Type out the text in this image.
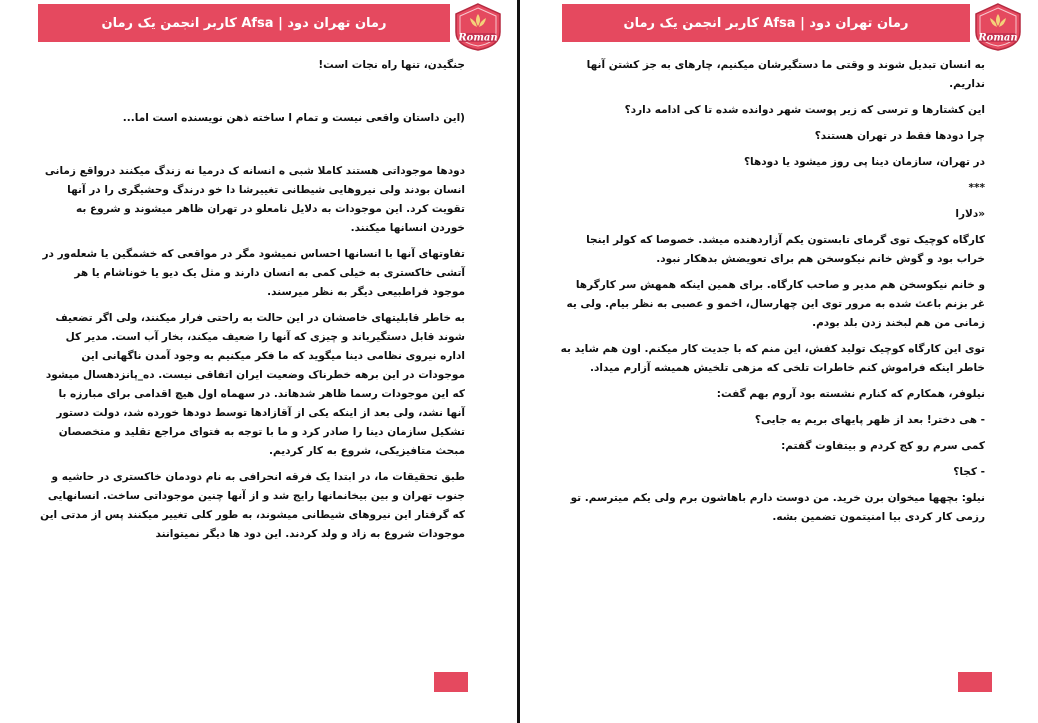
رمان تهران دود | Afsa کاربر انجمن یک رمان
Roman

جنگیدن، تنها راه نجات است!

(این داستان واقعی نیست و تمام ا ساخته ذهن نویسنده است اما...

دودها موجوداتی هستند کاملا شبی ه انسانه ک درمیا نه زندگ میکنند درواقع زمانی انسان بودند ولی نیروهایی شیطانی تغییرشا دا خو درندگ وحشیگری را در آنها تقویت کرد. این موجودات به دلایل نامعلو در تهران ظاهر میشوند و شروع به خوردن انسانها میکنند.

تفاوتهای آنها با انسانها احساس نمیشود مگر در مواقعی که خشمگین یا شعله‌ور در آتشی خاکستری به خیلی کمی به انسان دارند و مثل یک دیو یا خوناشام یا هر موجود فراطبیعی دیگر به نظر میرسند.

به خاطر قابلیتهای خاصشان در این حالت به راحتی فرار میکنند، ولی اگر تضعیف شوند قابل دستگیریاند و چیزی که آنها را ضعیف میکند، بخار آب است. مدیر کل اداره نیروی نظامی دینا میگوید که ما فکر میکنیم به وجود آمدن ناگهانی این موجودات در این برهه خطرناک وضعیت ایران اتفاقی نیست. ده_پانزدهسال میشود که این موجودات رسما ظاهر شدهاند. در سهماه اول هیچ اقدامی برای مبارزه با آنها نشد، ولی بعد از اینکه یکی از آقازادها توسط دودها خورده شد، دولت دستور تشکیل سازمان دینا را صادر کرد و ما با توجه به فتوای مراجع تقلید و متخصصان مبحث متافیزیکی، شروع به کار کردیم.

طبق تحقیقات ما، در ابتدا یک فرقه انحرافی به نام دودمان خاکستری در حاشیه و جنوب تهران و بین بیخانمانها رایج شد و از آنها چنین موجوداتی ساخت. انسانهایی که گرفتار این نیروهای شیطانی میشوند، به طور کلی تغییر میکنند پس از مدتی این موجودات شروع به زاد و ولد کردند. این دود ها دیگر نمیتوانند

رمان تهران دود | Afsa کاربر انجمن یک رمان
Roman

به انسان تبدیل شوند و وقتی ما دستگیرشان میکنیم، چارهای به جز کشتن آنها نداریم.

این کشتارها و ترسی که زیر پوست شهر دوانده شده تا کی ادامه دارد؟

چرا دودها فقط در تهران هستند؟

در تهران، سازمان دینا پی روز میشود یا دودها؟

***

«دلارا

کارگاه کوچیک توی گرمای تابستون یکم آزاردهنده میشد. خصوصا که کولر اینجا خراب بود و گوش خانم نیکوسخن هم برای تعویضش بدهکار نبود.

و خانم نیکوسخن هم مدیر و صاحب کارگاه. برای همین اینکه همهش سر کارگرها غر بزنم باعث شده به مرور توی این چهارسال، اخمو و عصبی به نظر بیام. ولی یه زمانی من هم لبخند زدن بلد بودم.

توی این کارگاه کوچیک تولید کفش، این منم که با جدیت کار میکنم. اون هم شاید به خاطر اینکه فراموش کنم خاطرات تلخی که مزهی تلخیش همیشه آزارم میداد.

نیلوفر، همکارم که کنارم نشسته بود آروم بهم گفت:

- هی دختر! بعد از ظهر پایهای بریم یه جایی؟

کمی سرم رو کج کردم و بیتفاوت گفتم:

- کجا؟

نیلو: بچهها میخوان برن خرید. من دوست دارم باهاشون برم ولی یکم میترسم. تو رزمی کار کردی بیا امنیتمون تضمین بشه.
